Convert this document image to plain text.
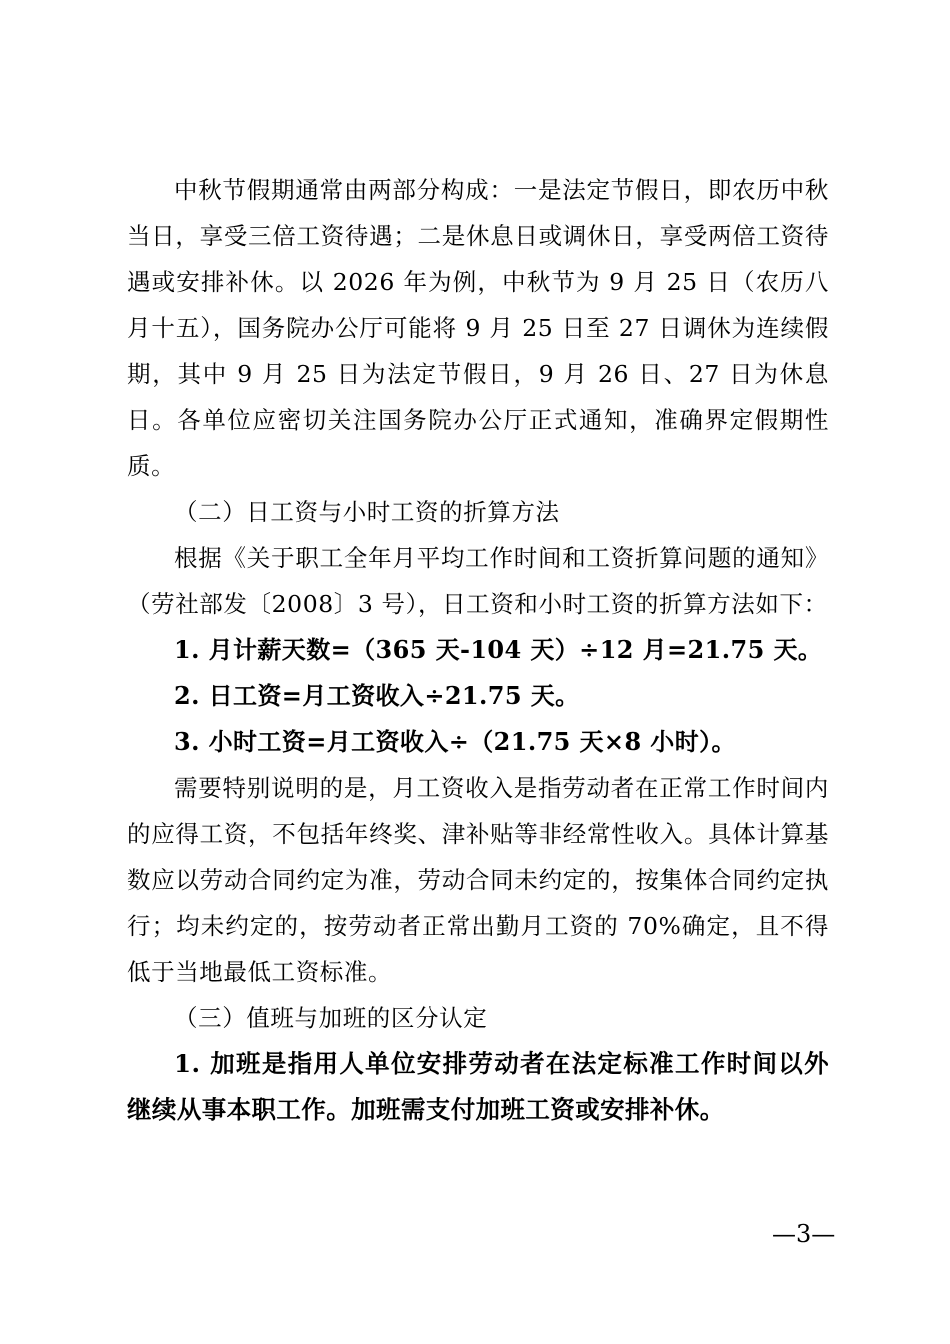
中秋节假期通常由两部分构成：一是法定节假日，即农历中秋当日，享受三倍工资待遇；二是休息日或调休日，享受两倍工资待遇或安排补休。以 2026 年为例，中秋节为 9 月 25 日（农历八月十五），国务院办公厅可能将 9 月 25 日至 27 日调休为连续假期，其中 9 月 25 日为法定节假日，9 月 26 日、27 日为休息日。各单位应密切关注国务院办公厅正式通知，准确界定假期性质。

（二）日工资与小时工资的折算方法

根据《关于职工全年月平均工作时间和工资折算问题的通知》（劳社部发〔2008〕3 号），日工资和小时工资的折算方法如下：

1. 月计薪天数=（365 天-104 天）÷12 月=21.75 天。

2. 日工资=月工资收入÷21.75 天。

3. 小时工资=月工资收入÷（21.75 天×8 小时）。

需要特别说明的是，月工资收入是指劳动者在正常工作时间内的应得工资，不包括年终奖、津补贴等非经常性收入。具体计算基数应以劳动合同约定为准，劳动合同未约定的，按集体合同约定执行；均未约定的，按劳动者正常出勤月工资的 70%确定，且不得低于当地最低工资标准。

（三）值班与加班的区分认定

1. 加班是指用人单位安排劳动者在法定标准工作时间以外继续从事本职工作。加班需支付加班工资或安排补休。

—3—
